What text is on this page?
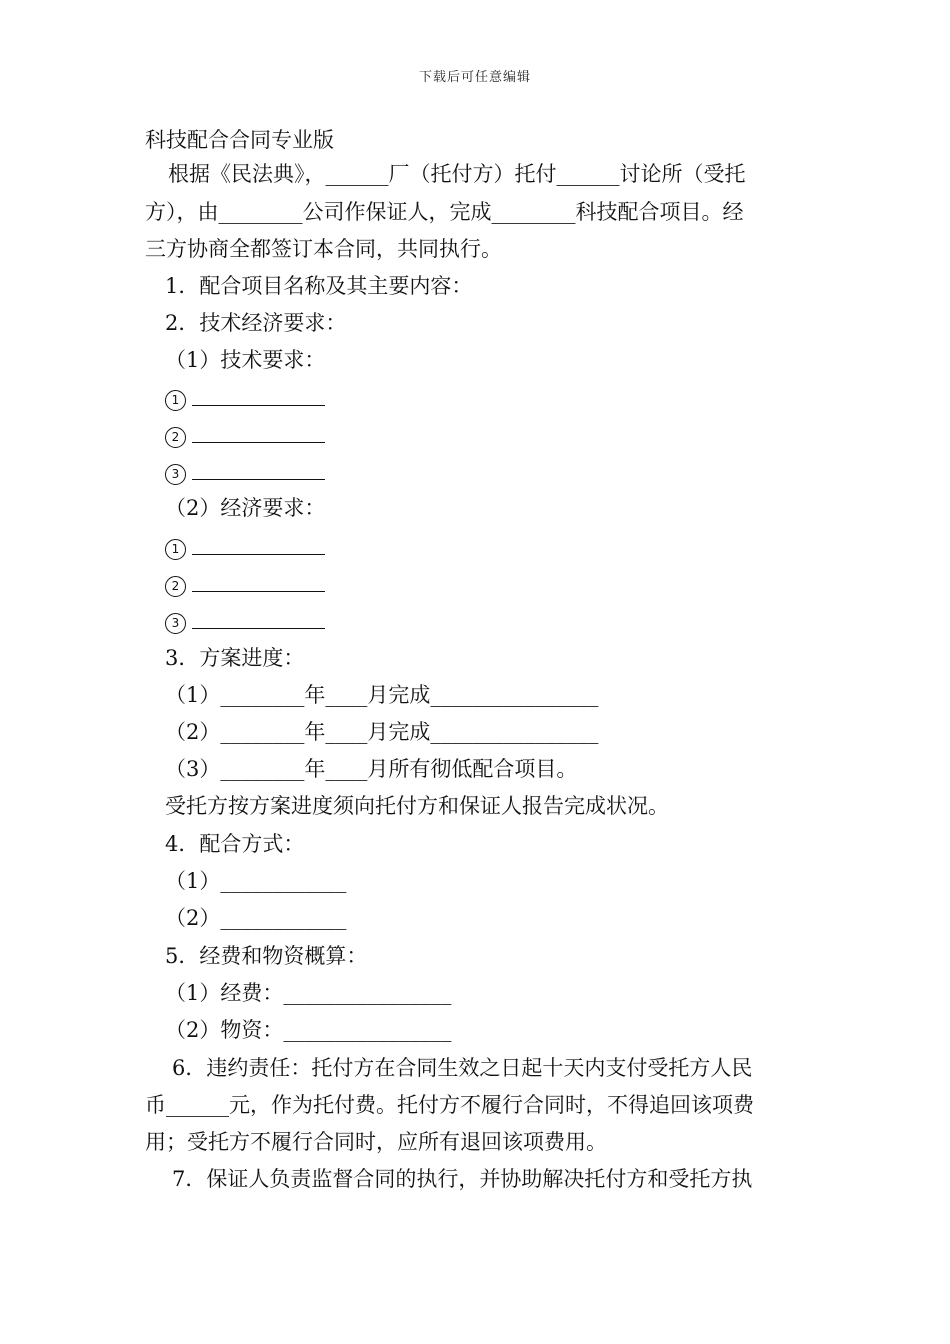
下载后可任意编辑
科技配合合同专业版
根据《民法典》，______厂（托付方）托付______讨论所（受托
方），由________公司作保证人，完成________科技配合项目。经
三方协商全都签订本合同，共同执行。
1．配合项目名称及其主要内容：
2．技术经济要求：
（1）技术要求：
1
2
3
（2）经济要求：
1
2
3
3．方案进度：
（1）________年____月完成________________
（2）________年____月完成________________
（3）________年____月所有彻低配合项目。
受托方按方案进度须向托付方和保证人报告完成状况。
4．配合方式：
（1）____________
（2）____________
5．经费和物资概算：
（1）经费：________________
（2）物资：________________
6．违约责任：托付方在合同生效之日起十天内支付受托方人民
币______元，作为托付费。托付方不履行合同时，不得追回该项费
用；受托方不履行合同时，应所有退回该项费用。
7．保证人负责监督合同的执行，并协助解决托付方和受托方执
